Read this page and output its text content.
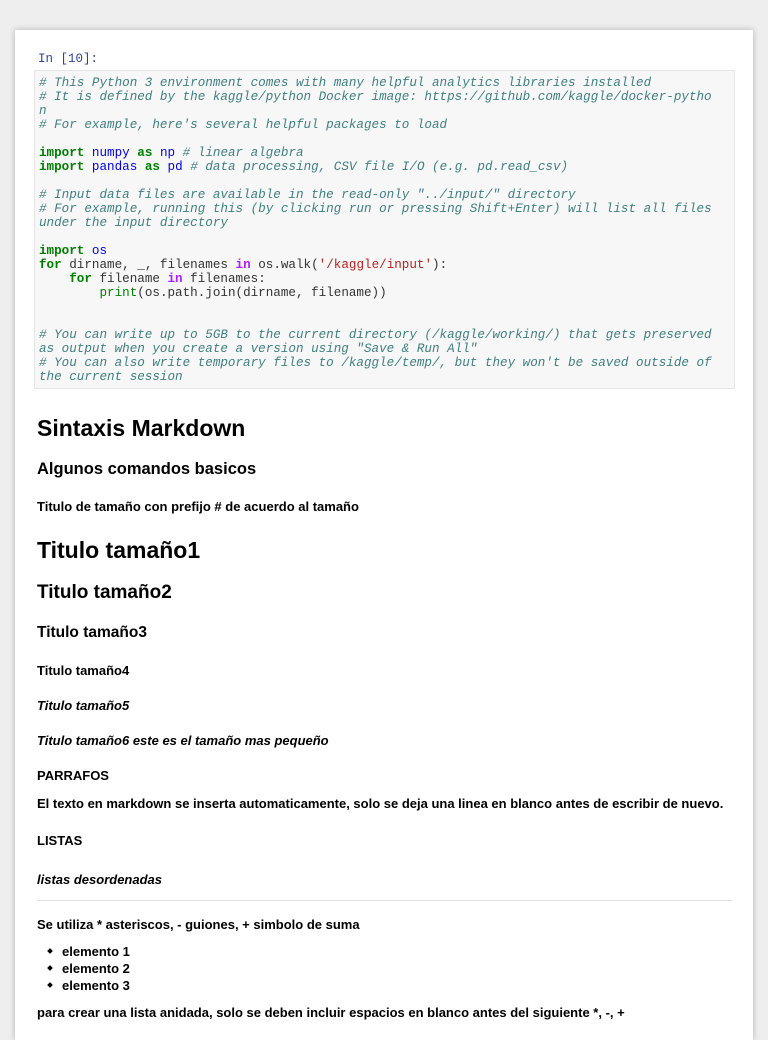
In [10]:
# This Python 3 environment comes with many helpful analytics libraries installed
# It is defined by the kaggle/python Docker image: https://github.com/kaggle/docker-pytho
n
# For example, here's several helpful packages to load
import numpy as np # linear algebra
import pandas as pd # data processing, CSV file I/O (e.g. pd.read_csv)
# Input data files are available in the read-only "../input/" directory
# For example, running this (by clicking run or pressing Shift+Enter) will list all files
under the input directory
import os
for dirname, _, filenames in os.walk('/kaggle/input'):
for filename in filenames:
print(os.path.join(dirname, filename))
# You can write up to 5GB to the current directory (/kaggle/working/) that gets preserved
as output when you create a version using "Save & Run All"
# You can also write temporary files to /kaggle/temp/, but they won't be saved outside of
the current session
Sintaxis Markdown
Algunos comandos basicos
Titulo de tamaño con prefijo # de acuerdo al tamaño
Titulo tamaño1
Titulo tamaño2
Titulo tamaño3
Titulo tamaño4
Titulo tamaño5
Titulo tamaño6 este es el tamaño mas pequeño
PARRAFOS
El texto en markdown se inserta automaticamente, solo se deja una linea en blanco antes de escribir de nuevo.
LISTAS
listas desordenadas
Se utiliza * asteriscos, - guiones, + simbolo de suma
elemento 1
elemento 2
elemento 3
para crear una lista anidada, solo se deben incluir espacios en blanco antes del siguiente *, -, +
